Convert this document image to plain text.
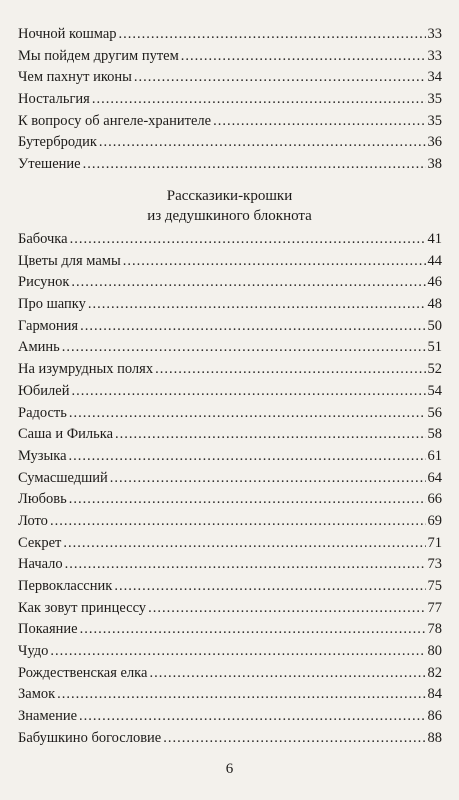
Ночной кошмар .....	33
Мы пойдем другим путем .....	33
Чем пахнут иконы .....	34
Ностальгия .....	35
К вопросу об ангеле-хранителе .....	35
Бутербродик .....	36
Утешение .....	38
Рассказики-крошки
из дедушкиного блокнота
Бабочка .....	41
Цветы для мамы .....	44
Рисунок .....	46
Про шапку .....	48
Гармония .....	50
Аминь .....	51
На изумрудных полях .....	52
Юбилей .....	54
Радость .....	56
Саша и Филька .....	58
Музыка .....	61
Сумасшедший .....	64
Любовь .....	66
Лото .....	69
Секрет .....	71
Начало .....	73
Первоклассник .....	75
Как зовут принцессу .....	77
Покаяние .....	78
Чудо .....	80
Рождественская елка .....	82
Замок .....	84
Знамение .....	86
Бабушкино богословие .....	88
6
